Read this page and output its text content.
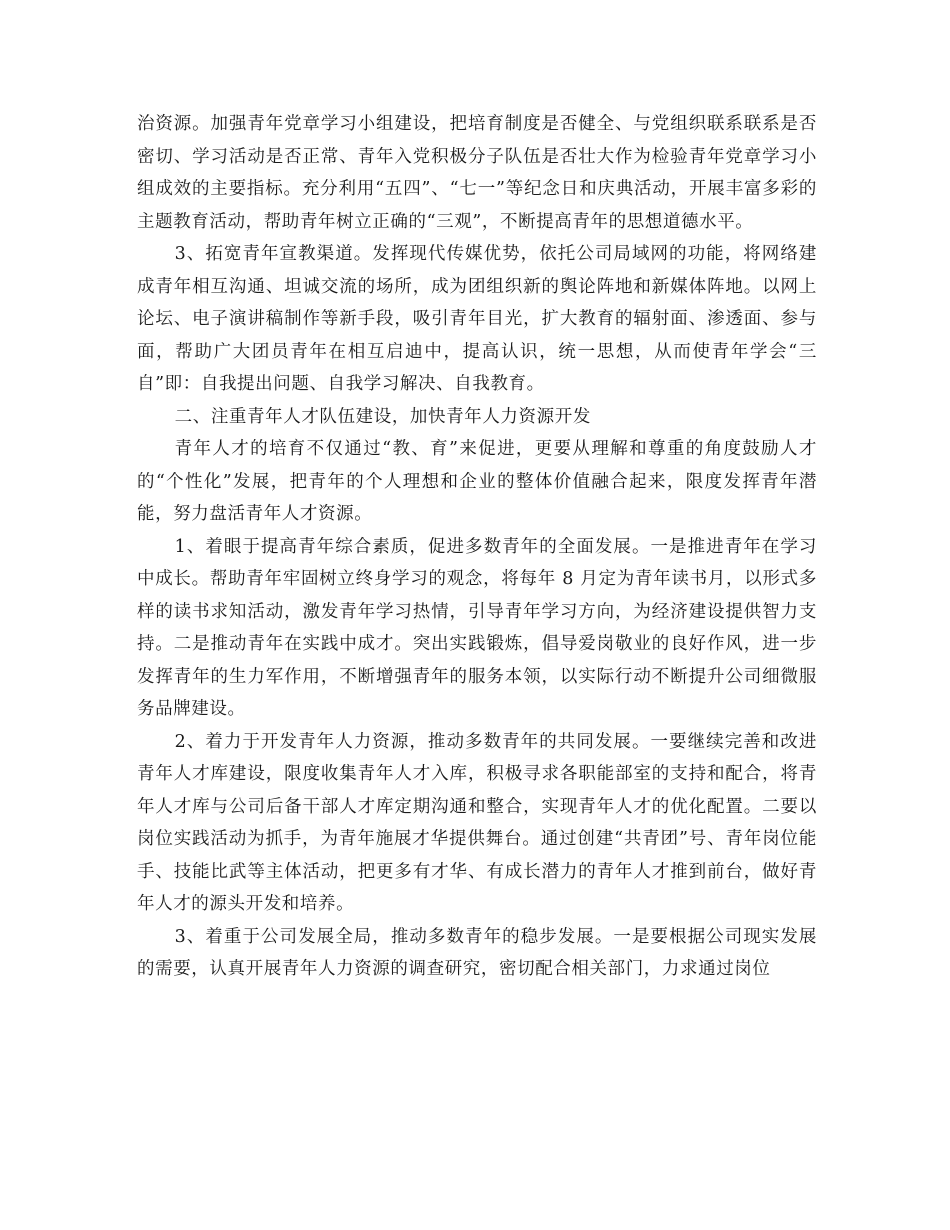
治资源。加强青年党章学习小组建设，把培育制度是否健全、与党组织联系联系是否密切、学习活动是否正常、青年入党积极分子队伍是否壮大作为检验青年党章学习小组成效的主要指标。充分利用“五四”、“七一”等纪念日和庆典活动，开展丰富多彩的主题教育活动，帮助青年树立正确的“三观”，不断提高青年的思想道德水平。

3、拓宽青年宣教渠道。发挥现代传媒优势，依托公司局域网的功能，将网络建成青年相互沟通、坦诚交流的场所，成为团组织新的舆论阵地和新媒体阵地。以网上论坛、电子演讲稿制作等新手段，吸引青年目光，扩大教育的辐射面、渗透面、参与面，帮助广大团员青年在相互启迪中，提高认识，统一思想，从而使青年学会“三自”即：自我提出问题、自我学习解决、自我教育。

二、注重青年人才队伍建设，加快青年人力资源开发

青年人才的培育不仅通过“教、育”来促进，更要从理解和尊重的角度鼓励人才的“个性化”发展，把青年的个人理想和企业的整体价值融合起来，限度发挥青年潜能，努力盘活青年人才资源。

1、着眼于提高青年综合素质，促进多数青年的全面发展。一是推进青年在学习中成长。帮助青年牢固树立终身学习的观念，将每年 8 月定为青年读书月，以形式多样的读书求知活动，激发青年学习热情，引导青年学习方向，为经济建设提供智力支持。二是推动青年在实践中成才。突出实践锻炼，倡导爱岗敬业的良好作风，进一步发挥青年的生力军作用，不断增强青年的服务本领，以实际行动不断提升公司细微服务品牌建设。

2、着力于开发青年人力资源，推动多数青年的共同发展。一要继续完善和改进青年人才库建设，限度收集青年人才入库，积极寻求各职能部室的支持和配合，将青年人才库与公司后备干部人才库定期沟通和整合，实现青年人才的优化配置。二要以岗位实践活动为抓手，为青年施展才华提供舞台。通过创建“共青团”号、青年岗位能手、技能比武等主体活动，把更多有才华、有成长潜力的青年人才推到前台，做好青年人才的源头开发和培养。

3、着重于公司发展全局，推动多数青年的稳步发展。一是要根据公司现实发展的需要，认真开展青年人力资源的调查研究，密切配合相关部门，力求通过岗位
